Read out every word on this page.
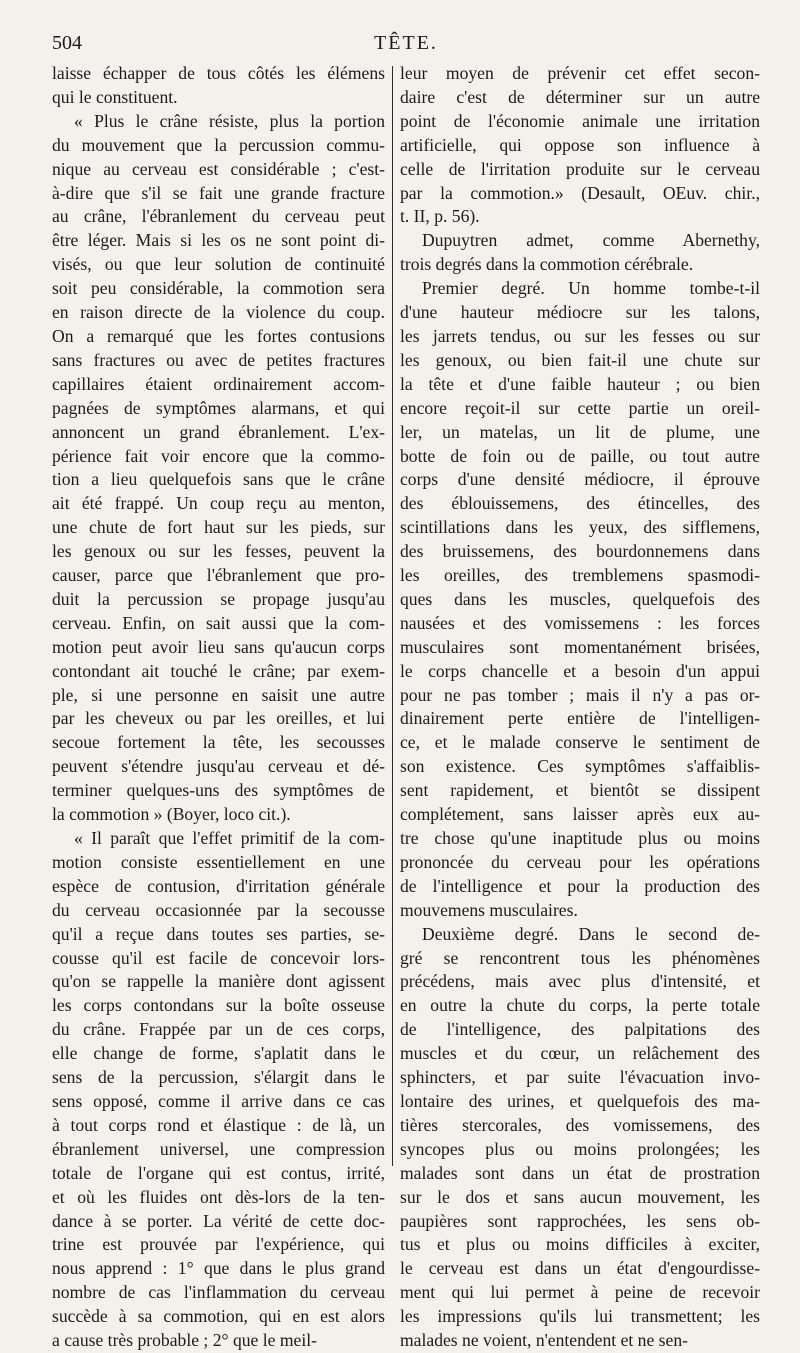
504	TÊTE.
laisse échapper de tous côtés les élémens
qui le constituent.
« Plus le crâne résiste, plus la portion
du mouvement que la percussion commu-
nique au cerveau est considérable ; c'est-
à-dire que s'il se fait une grande fracture
au crâne, l'ébranlement du cerveau peut
être léger. Mais si les os ne sont point di-
visés, ou que leur solution de continuité
soit peu considérable, la commotion sera
en raison directe de la violence du coup.
On a remarqué que les fortes contusions
sans fractures ou avec de petites fractures
capillaires étaient ordinairement accom-
pagnées de symptômes alarmans, et qui
annoncent un grand ébranlement. L'ex-
périence fait voir encore que la commo-
tion a lieu quelquefois sans que le crâne
ait été frappé. Un coup reçu au menton,
une chute de fort haut sur les pieds, sur
les genoux ou sur les fesses, peuvent la
causer, parce que l'ébranlement que pro-
duit la percussion se propage jusqu'au
cerveau. Enfin, on sait aussi que la com-
motion peut avoir lieu sans qu'aucun corps
contondant ait touché le crâne; par exem-
ple, si une personne en saisit une autre
par les cheveux ou par les oreilles, et lui
secoue fortement la tête, les secousses
peuvent s'étendre jusqu'au cerveau et dé-
terminer quelques-uns des symptômes de
la commotion » (Boyer, loco cit.).
« Il paraît que l'effet primitif de la com-
motion consiste essentiellement en une
espèce de contusion, d'irritation générale
du cerveau occasionnée par la secousse
qu'il a reçue dans toutes ses parties, se-
cousse qu'il est facile de concevoir lors-
qu'on se rappelle la manière dont agissent
les corps contondans sur la boîte osseuse
du crâne. Frappée par un de ces corps,
elle change de forme, s'aplatit dans le
sens de la percussion, s'élargit dans le
sens opposé, comme il arrive dans ce cas
à tout corps rond et élastique : de là, un
ébranlement universel, une compression
totale de l'organe qui est contus, irrité,
et où les fluides ont dès-lors de la ten-
dance à se porter. La vérité de cette doc-
trine est prouvée par l'expérience, qui
nous apprend : 1° que dans le plus grand
nombre de cas l'inflammation du cerveau
succède à sa commotion, qui en est alors
a cause très probable ; 2° que le meil-
leur moyen de prévenir cet effet secon-
daire c'est de déterminer sur un autre
point de l'économie animale une irritation
artificielle, qui oppose son influence à
celle de l'irritation produite sur le cerveau
par la commotion.» (Desault, OEuv. chir.,
t. II, p. 56).
Dupuytren admet, comme Abernethy,
trois degrés dans la commotion cérébrale.
Premier degré. Un homme tombe-t-il
d'une hauteur médiocre sur les talons,
les jarrets tendus, ou sur les fesses ou sur
les genoux, ou bien fait-il une chute sur
la tête et d'une faible hauteur ; ou bien
encore reçoit-il sur cette partie un oreil-
ler, un matelas, un lit de plume, une
botte de foin ou de paille, ou tout autre
corps d'une densité médiocre, il éprouve
des éblouissemens, des étincelles, des
scintillations dans les yeux, des sifflemens,
des bruissemens, des bourdonnemens dans
les oreilles, des tremblemens spasmodi-
ques dans les muscles, quelquefois des
nausées et des vomissemens : les forces
musculaires sont momentanément brisées,
le corps chancelle et a besoin d'un appui
pour ne pas tomber ; mais il n'y a pas or-
dinairement perte entière de l'intelligen-
ce, et le malade conserve le sentiment de
son existence. Ces symptômes s'affaiblis-
sent rapidement, et bientôt se dissipent
complétement, sans laisser après eux au-
tre chose qu'une inaptitude plus ou moins
prononcée du cerveau pour les opérations
de l'intelligence et pour la production des
mouvemens musculaires.
Deuxième degré. Dans le second de-
gré se rencontrent tous les phénomènes
précédens, mais avec plus d'intensité, et
en outre la chute du corps, la perte totale
de l'intelligence, des palpitations des
muscles et du cœur, un relâchement des
sphincters, et par suite l'évacuation invo-
lontaire des urines, et quelquefois des ma-
tières stercorales, des vomissemens, des
syncopes plus ou moins prolongées; les
malades sont dans un état de prostration
sur le dos et sans aucun mouvement, les
paupières sont rapprochées, les sens ob-
tus et plus ou moins difficiles à exciter,
le cerveau est dans un état d'engourdisse-
ment qui lui permet à peine de recevoir
les impressions qu'ils lui transmettent; les
malades ne voient, n'entendent et ne sen-
